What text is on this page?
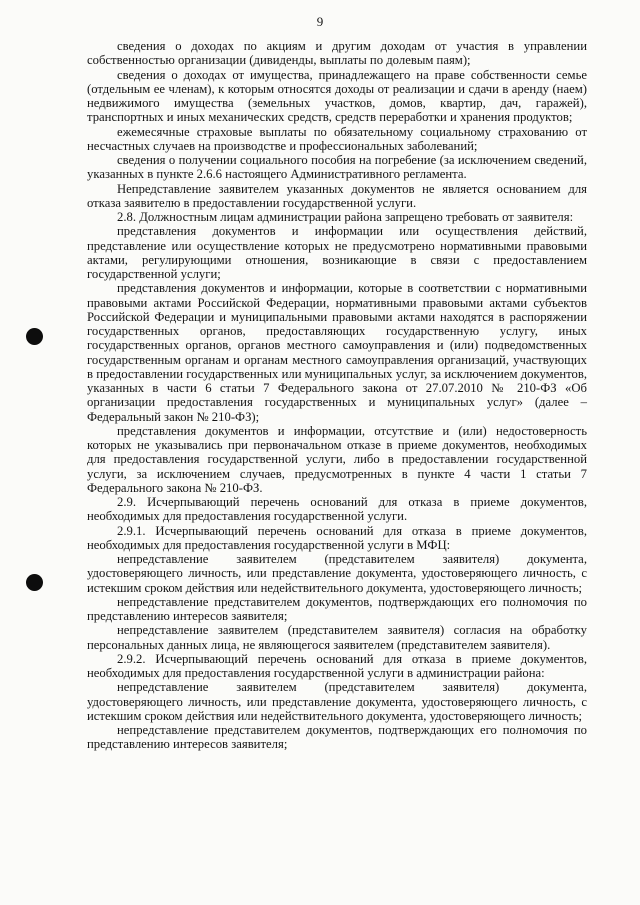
9

сведения о доходах по акциям и другим доходам от участия в управлении собственностью организации (дивиденды, выплаты по долевым паям);

сведения о доходах от имущества, принадлежащего на праве собственности семье (отдельным ее членам), к которым относятся доходы от реализации и сдачи в аренду (наем) недвижимого имущества (земельных участков, домов, квартир, дач, гаражей), транспортных и иных механических средств, средств переработки и хранения продуктов;

ежемесячные страховые выплаты по обязательному социальному страхованию от несчастных случаев на производстве и профессиональных заболеваний;

сведения о получении социального пособия на погребение (за исключением сведений, указанных в пункте 2.6.6 настоящего Административного регламента.

Непредставление заявителем указанных документов не является основанием для отказа заявителю в предоставлении государственной услуги.

2.8. Должностным лицам администрации района запрещено требовать от заявителя:

представления документов и информации или осуществления действий, представление или осуществление которых не предусмотрено нормативными правовыми актами, регулирующими отношения, возникающие в связи с предоставлением государственной услуги;

представления документов и информации, которые в соответствии с нормативными правовыми актами Российской Федерации, нормативными правовыми актами субъектов Российской Федерации и муниципальными правовыми актами находятся в распоряжении государственных органов, предоставляющих государственную услугу, иных государственных органов, органов местного самоуправления и (или) подведомственных государственным органам и органам местного самоуправления организаций, участвующих в предоставлении государственных или муниципальных услуг, за исключением документов, указанных в части 6 статьи 7 Федерального закона от 27.07.2010 № 210-ФЗ «Об организации предоставления государственных и муниципальных услуг» (далее – Федеральный закон № 210-ФЗ);

представления документов и информации, отсутствие и (или) недостоверность которых не указывались при первоначальном отказе в приеме документов, необходимых для предоставления государственной услуги, либо в предоставлении государственной услуги, за исключением случаев, предусмотренных в пункте 4 части 1 статьи 7 Федерального закона № 210-ФЗ.

2.9. Исчерпывающий перечень оснований для отказа в приеме документов, необходимых для предоставления государственной услуги.

2.9.1. Исчерпывающий перечень оснований для отказа в приеме документов, необходимых для предоставления государственной услуги в МФЦ:

непредставление заявителем (представителем заявителя) документа, удостоверяющего личность, или представление документа, удостоверяющего личность, с истекшим сроком действия или недействительного документа, удостоверяющего личность;

непредставление представителем документов, подтверждающих его полномочия по представлению интересов заявителя;

непредставление заявителем (представителем заявителя) согласия на обработку персональных данных лица, не являющегося заявителем (представителем заявителя).

2.9.2. Исчерпывающий перечень оснований для отказа в приеме документов, необходимых для предоставления государственной услуги в администрации района:

непредставление заявителем (представителем заявителя) документа, удостоверяющего личность, или представление документа, удостоверяющего личность, с истекшим сроком действия или недействительного документа, удостоверяющего личность;

непредставление представителем документов, подтверждающих его полномочия по представлению интересов заявителя;
